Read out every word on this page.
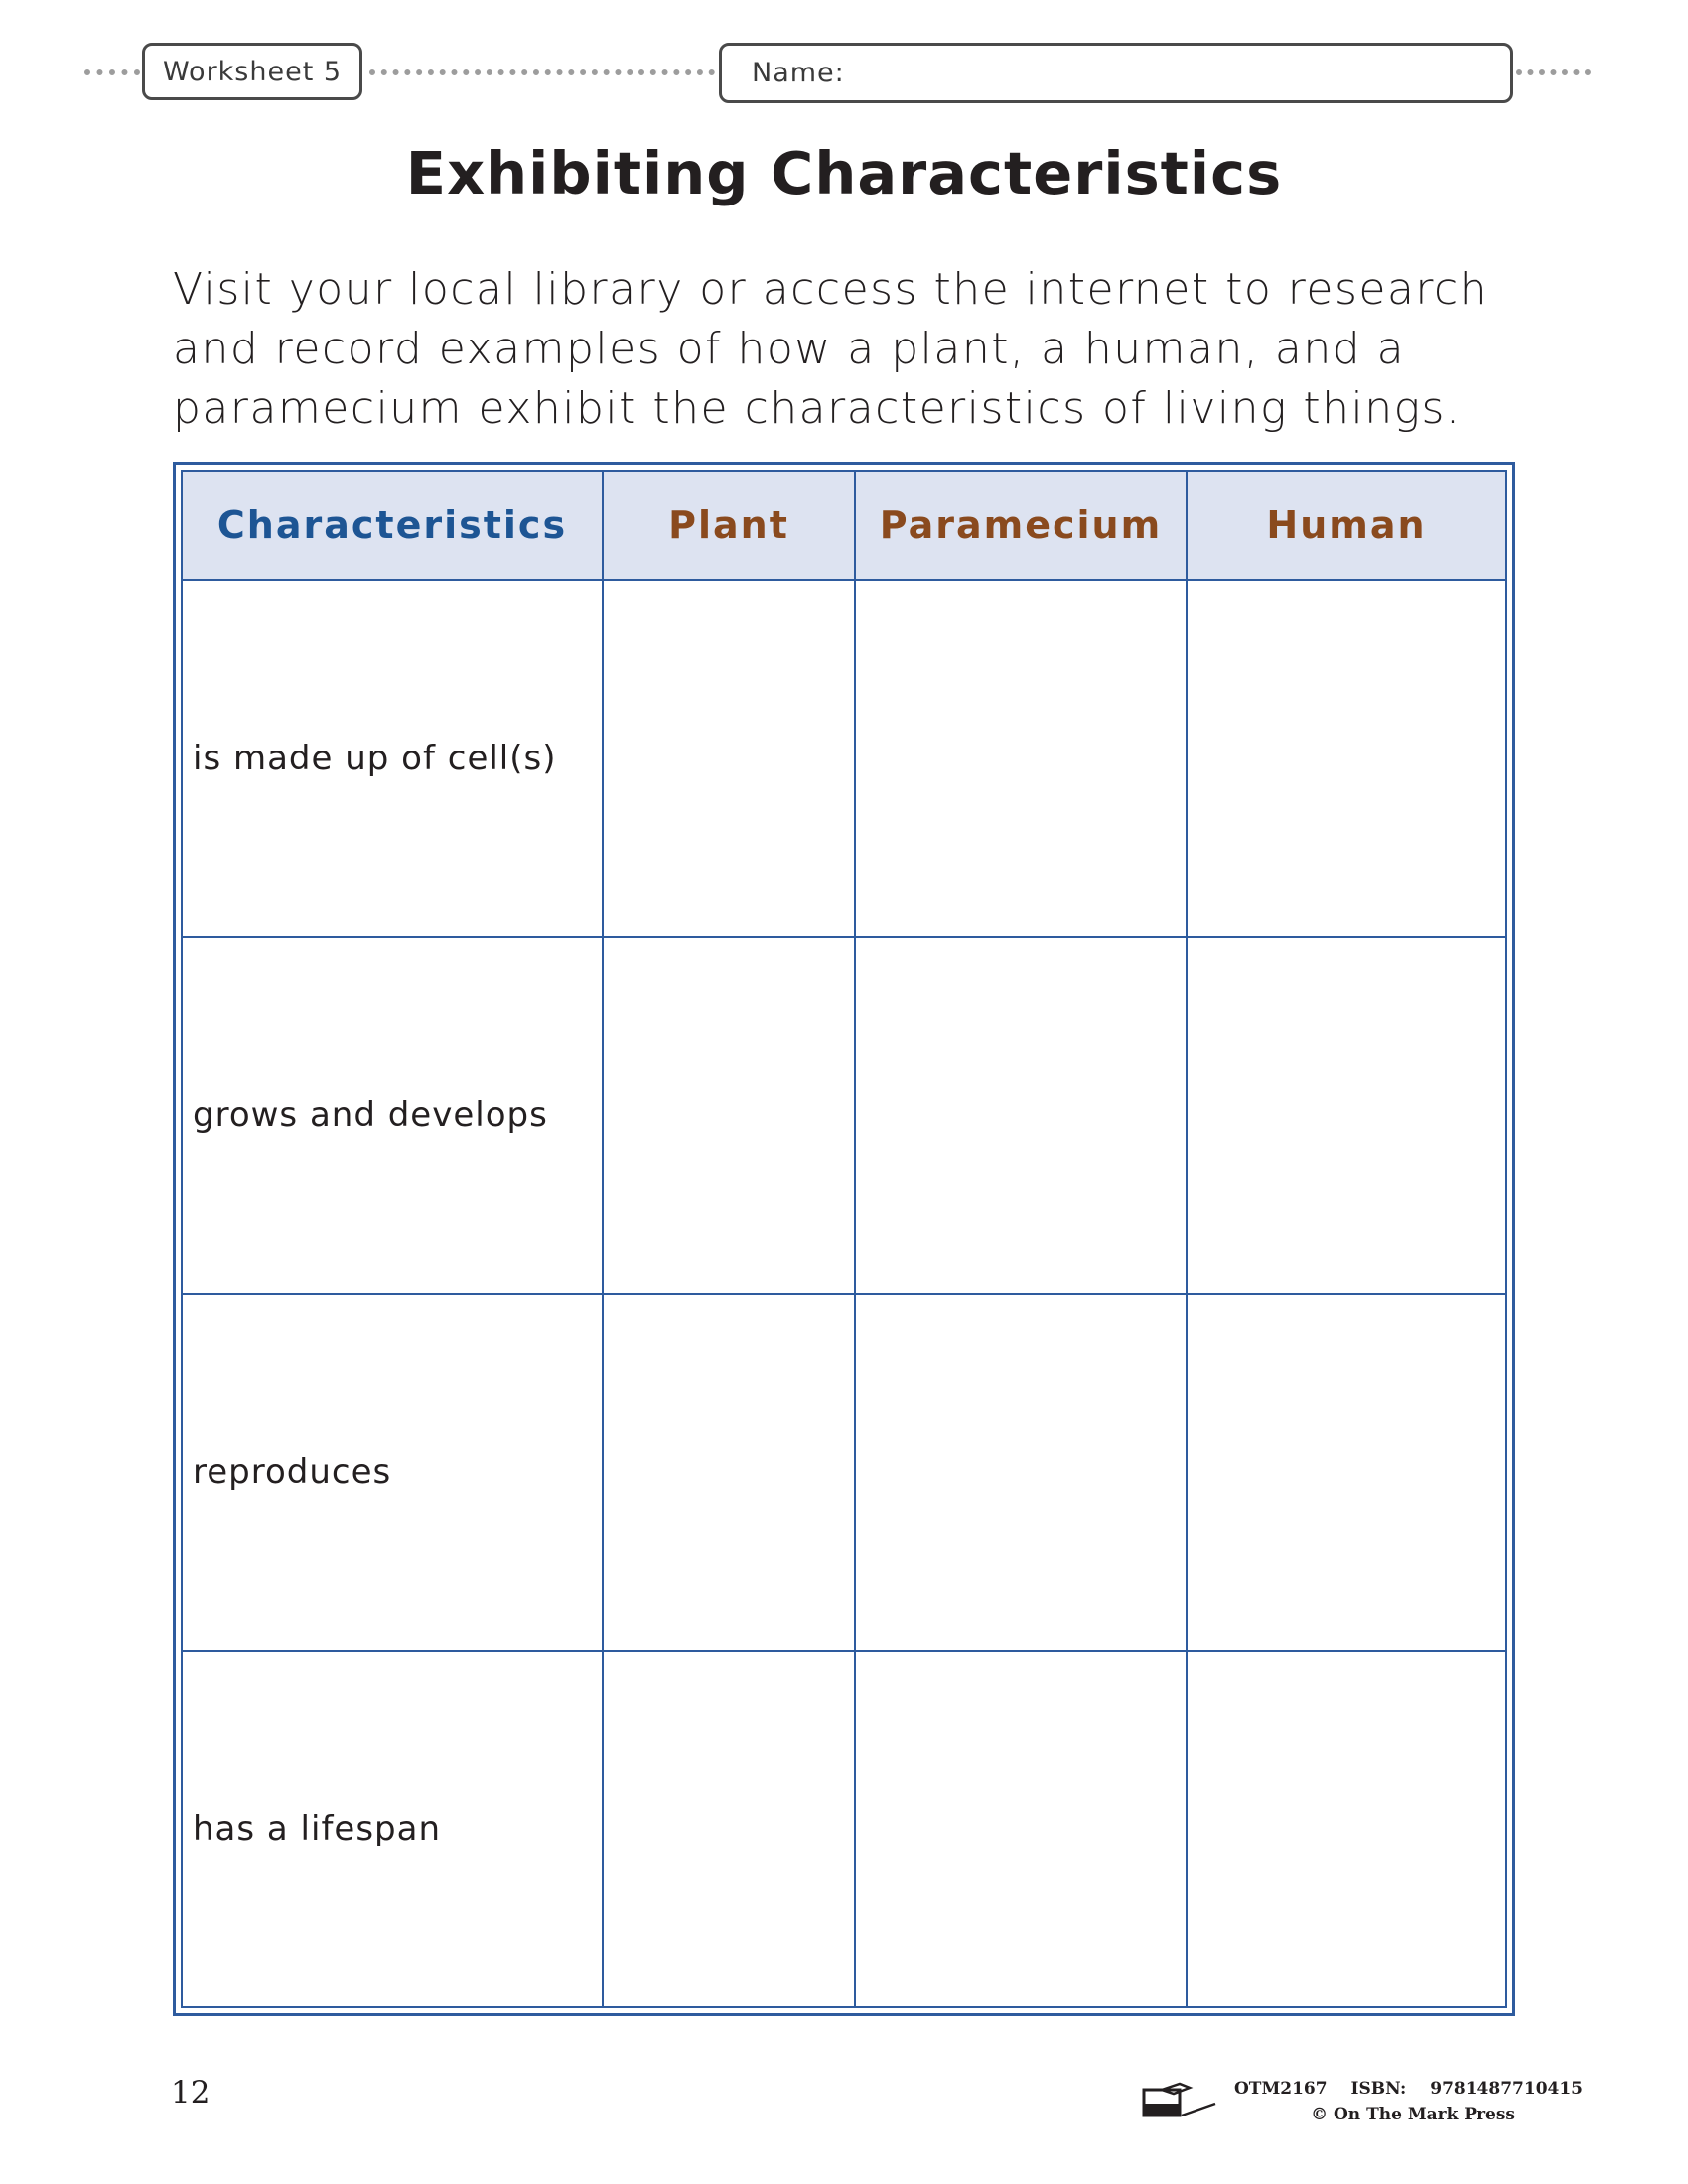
Worksheet 5	Name:
Exhibiting Characteristics
Visit your local library or access the internet to research and record examples of how a plant, a human, and a paramecium exhibit the characteristics of living things.
Characteristics	Plant	Paramecium	Human
is made up of cell(s)			
grows and develops			
reproduces			
has a lifespan			
12	OTM2167 ISBN: 9781487710415
© On The Mark Press
